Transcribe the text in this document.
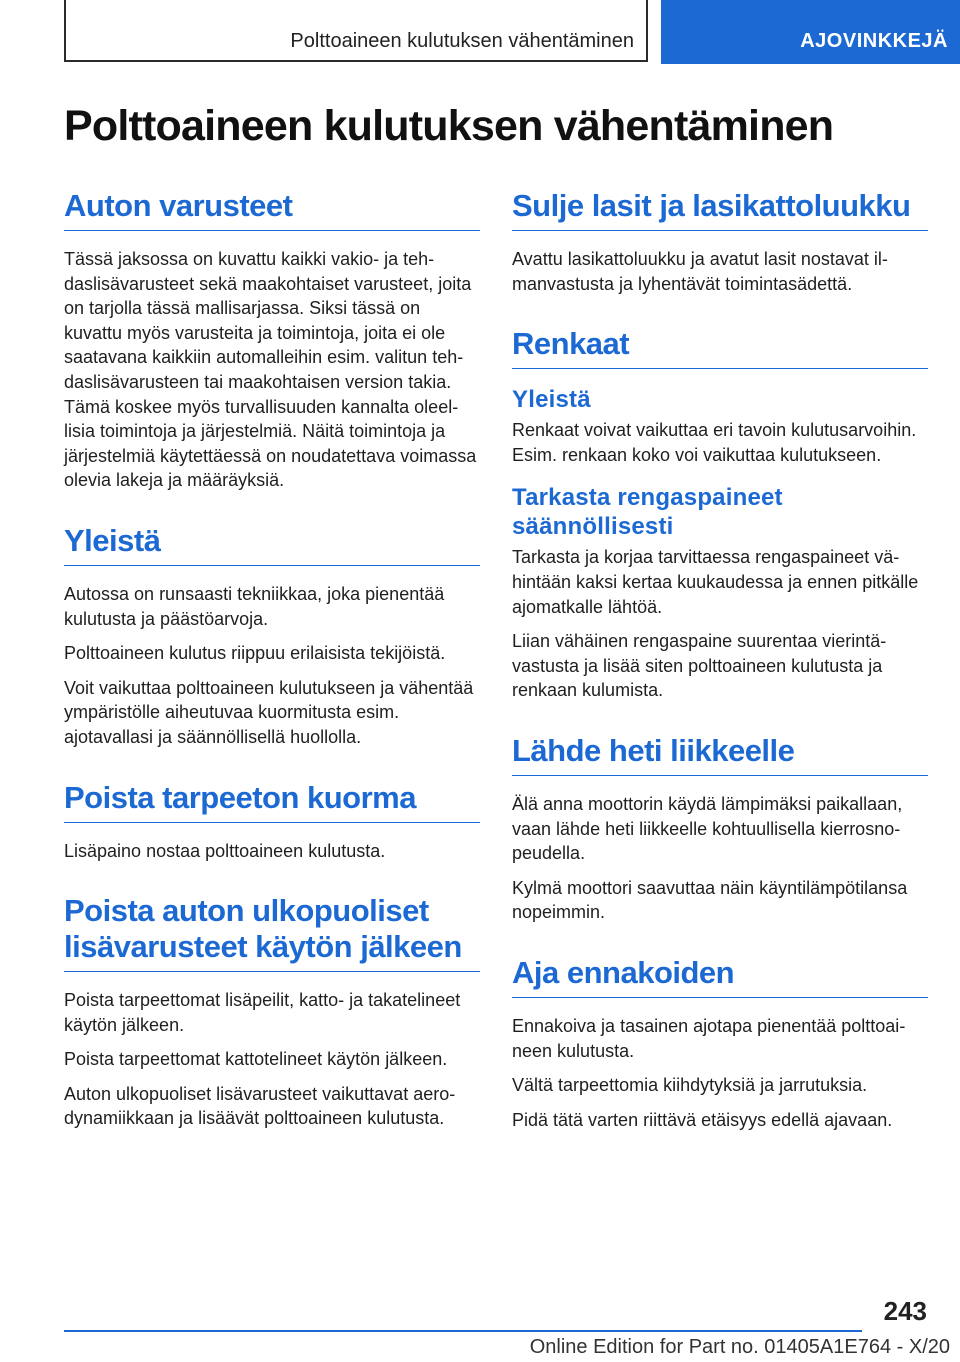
Polttoaineen kulutuksen vähentäminen	AJOVINKKEJÄ
Polttoaineen kulutuksen vähentäminen
Auton varusteet

Tässä jaksossa on kuvattu kaikki vakio- ja tehdaslisävarusteet sekä maakohtaiset varusteet, joita on tarjolla tässä mallisarjassa. Siksi tässä on kuvattu myös varusteita ja toimintoja, joita ei ole saatavana kaikkiin automalleihin esim. valitun tehdaslisävarusteen tai maakohtaisen version takia. Tämä koskee myös turvallisuuden kannalta oleellisia toimintoja ja järjestelmiä. Näitä toimintoja ja järjestelmiä käytettäessä on noudatettava voimassa olevia lakeja ja määräyksiä.

Yleistä

Autossa on runsaasti tekniikkaa, joka pienentää kulutusta ja päästöarvoja.

Polttoaineen kulutus riippuu erilaisista tekijöistä.

Voit vaikuttaa polttoaineen kulutukseen ja vähentää ympäristölle aiheutuvaa kuormitusta esim. ajotavallasi ja säännöllisellä huollolla.

Poista tarpeeton kuorma

Lisäpaino nostaa polttoaineen kulutusta.

Poista auton ulkopuoliset lisävarusteet käytön jälkeen

Poista tarpeettomat lisäpeilit, katto- ja takatelineet käytön jälkeen.

Poista tarpeettomat kattotelineet käytön jälkeen.

Auton ulkopuoliset lisävarusteet vaikuttavat aerodynamiikkaan ja lisäävät polttoaineen kulutusta.

Sulje lasit ja lasikattoluukku

Avattu lasikattoluukku ja avatut lasit nostavat ilmanvastusta ja lyhentävät toimintasädettä.

Renkaat
Yleistä

Renkaat voivat vaikuttaa eri tavoin kulutusarvoihin. Esim. renkaan koko voi vaikuttaa kulutukseen.

Tarkasta rengaspaineet säännöllisesti

Tarkasta ja korjaa tarvittaessa rengaspaineet vähintään kaksi kertaa kuukaudessa ja ennen pitkälle ajomatkalle lähtöä.

Liian vähäinen rengaspaine suurentaa vierintävastusta ja lisää siten polttoaineen kulutusta ja renkaan kulumista.

Lähde heti liikkeelle

Älä anna moottorin käydä lämpimäksi paikallaan, vaan lähde heti liikkeelle kohtuullisella kierrosnopeudella.

Kylmä moottori saavuttaa näin käyntilämpötilansa nopeimmin.

Aja ennakoiden

Ennakoiva ja tasainen ajotapa pienentää polttoaineen kulutusta.

Vältä tarpeettomia kiihdytyksiä ja jarrutuksia.

Pidä tätä varten riittävä etäisyys edellä ajavaan.

243
Online Edition for Part no. 01405A1E764 - X/20
